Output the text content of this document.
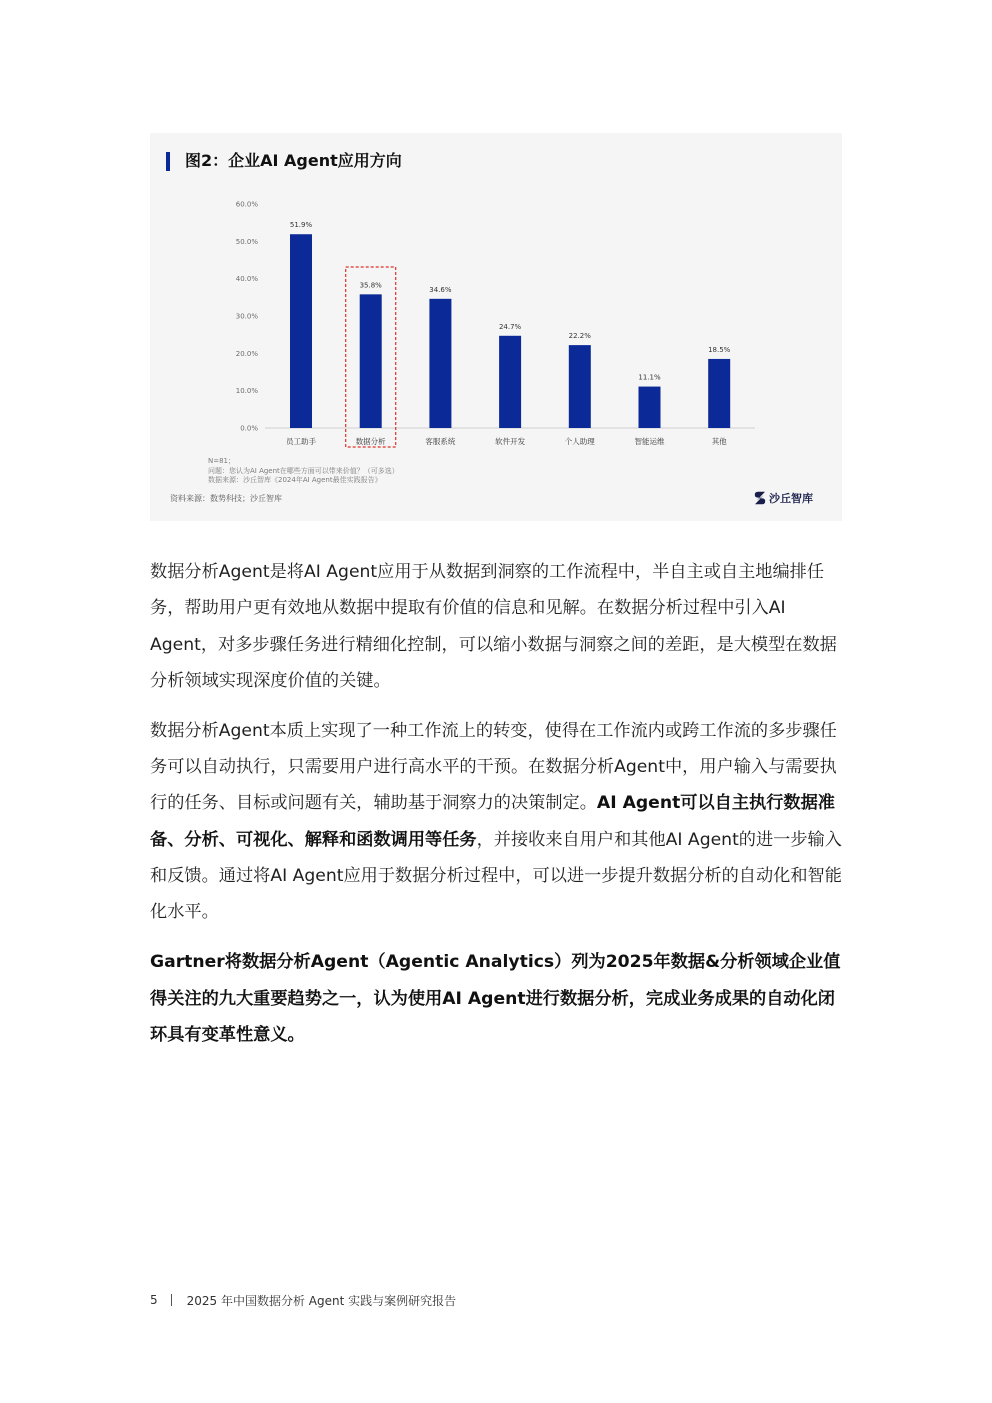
0.0%
10.0%
20.0%
30.0%
40.0%
50.0%
60.0%
51.9%
员工助手
35.8%
数据分析
34.6%
客服系统
24.7%
软件开发
22.2%
个人助理
11.1%
智能运维
18.5%
其他
图2：企业AI Agent应用方向
N=81；
问题：您认为AI Agent在哪些方面可以带来价值？（可多选）
数据来源：沙丘智库《2024年AI Agent最佳实践报告》
资料来源：数势科技；沙丘智库	沙丘智库

数据分析Agent是将AI Agent应用于从数据到洞察的工作流程中，半自主或自主地编排任务，帮助用户更有效地从数据中提取有价值的信息和见解。在数据分析过程中引入AI Agent，对多步骤任务进行精细化控制，可以缩小数据与洞察之间的差距，是大模型在数据分析领域实现深度价值的关键。

数据分析Agent本质上实现了一种工作流上的转变，使得在工作流内或跨工作流的多步骤任务可以自动执行，只需要用户进行高水平的干预。在数据分析Agent中，用户输入与需要执行的任务、目标或问题有关，辅助基于洞察力的决策制定。AI Agent可以自主执行数据准备、分析、可视化、解释和函数调用等任务，并接收来自用户和其他AI Agent的进一步输入和反馈。通过将AI Agent应用于数据分析过程中，可以进一步提升数据分析的自动化和智能化水平。

Gartner将数据分析Agent（Agentic Analytics）列为2025年数据&分析领域企业值得关注的九大重要趋势之一，认为使用AI Agent进行数据分析，完成业务成果的自动化闭环具有变革性意义。

5 2025 年中国数据分析 Agent 实践与案例研究报告
